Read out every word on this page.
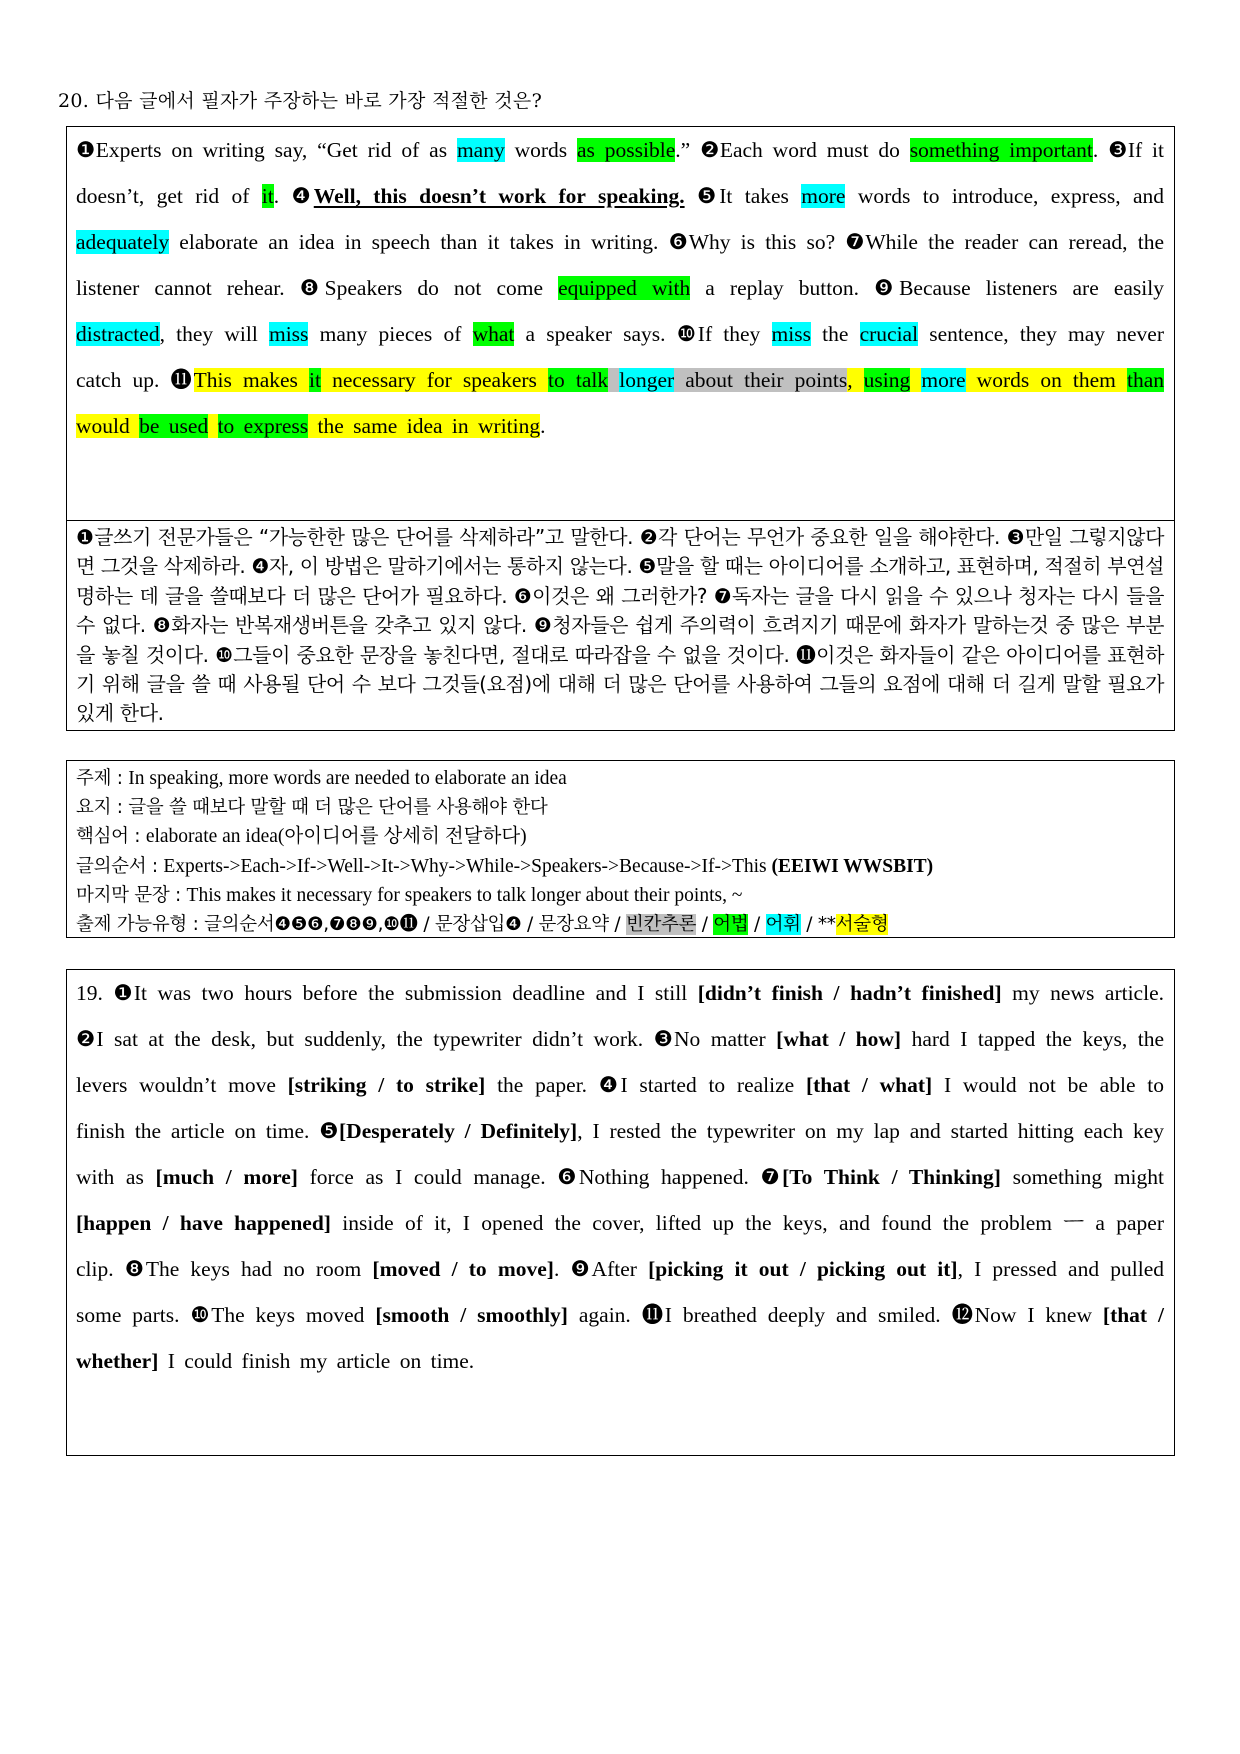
20. 다음 글에서 필자가 주장하는 바로 가장 적절한 것은?

❶Experts on writing say, “Get rid of as many words as possible.” ❷Each word must do something important. ❸If it doesn’t, get rid of it. ❹Well, this doesn’t work for speaking. ❺It takes more words to introduce, express, and adequately elaborate an idea in speech than it takes in writing. ❻Why is this so? ❼While the reader can reread, the listener cannot rehear. ❽Speakers do not come equipped with a replay button. ❾Because listeners are easily distracted, they will miss many pieces of what a speaker says. ❿If they miss the crucial sentence, they may never catch up. ⓫This makes it necessary for speakers to talk longer about their points, using more words on them than would be used to express the same idea in writing.

❶글쓰기 전문가들은 “가능한한 많은 단어를 삭제하라”고 말한다. ❷각 단어는 무언가 중요한 일을 해야한다. ❸만일 그렇지않다면 그것을 삭제하라. ❹자, 이 방법은 말하기에서는 통하지 않는다. ❺말을 할 때는 아이디어를 소개하고, 표현하며, 적절히 부연설명하는 데 글을 쓸때보다 더 많은 단어가 필요하다. ❻이것은 왜 그러한가? ❼독자는 글을 다시 읽을 수 있으나 청자는 다시 들을 수 없다. ❽화자는 반복재생버튼을 갖추고 있지 않다. ❾청자들은 쉽게 주의력이 흐려지기 때문에 화자가 말하는것 중 많은 부분을 놓칠 것이다. ❿그들이 중요한 문장을 놓친다면, 절대로 따라잡을 수 없을 것이다. ⓫이것은 화자들이 같은 아이디어를 표현하기 위해 글을 쓸 때 사용될 단어 수 보다 그것들(요점)에 대해 더 많은 단어를 사용하여 그들의 요점에 대해 더 길게 말할 필요가 있게 한다.

주제 : In speaking, more words are needed to elaborate an idea
요지 : 글을 쓸 때보다 말할 때 더 많은 단어를 사용해야 한다
핵심어 : elaborate an idea(아이디어를 상세히 전달하다)
글의순서 : Experts->Each->If->Well->It->Why->While->Speakers->Because->If->This (EEIWI WWSBIT)
마지막 문장 : This makes it necessary for speakers to talk longer about their points, ~
출제 가능유형 : 글의순서❹❺❻,❼❽❾,❿⓫ / 문장삽입❹ / 문장요약 / 빈칸추론 / 어법 / 어휘 / **서술형

19. ❶It was two hours before the submission deadline and I still [didn’t finish / hadn’t finished] my news article. ❷I sat at the desk, but suddenly, the typewriter didn’t work. ❸No matter [what / how] hard I tapped the keys, the levers wouldn’t move [striking / to strike] the paper. ❹I started to realize [that / what] I would not be able to finish the article on time. ❺[Desperately / Definitely], I rested the typewriter on my lap and started hitting each key with as [much / more] force as I could manage. ❻Nothing happened. ❼[To Think / Thinking] something might [happen / have happened] inside of it, I opened the cover, lifted up the keys, and found the problem ㅡ a paper clip. ❽The keys had no room [moved / to move]. ❾After [picking it out / picking out it], I pressed and pulled some parts. ❿The keys moved [smooth / smoothly] again. ⓫I breathed deeply and smiled. ⓬Now I knew [that / whether] I could finish my article on time.
